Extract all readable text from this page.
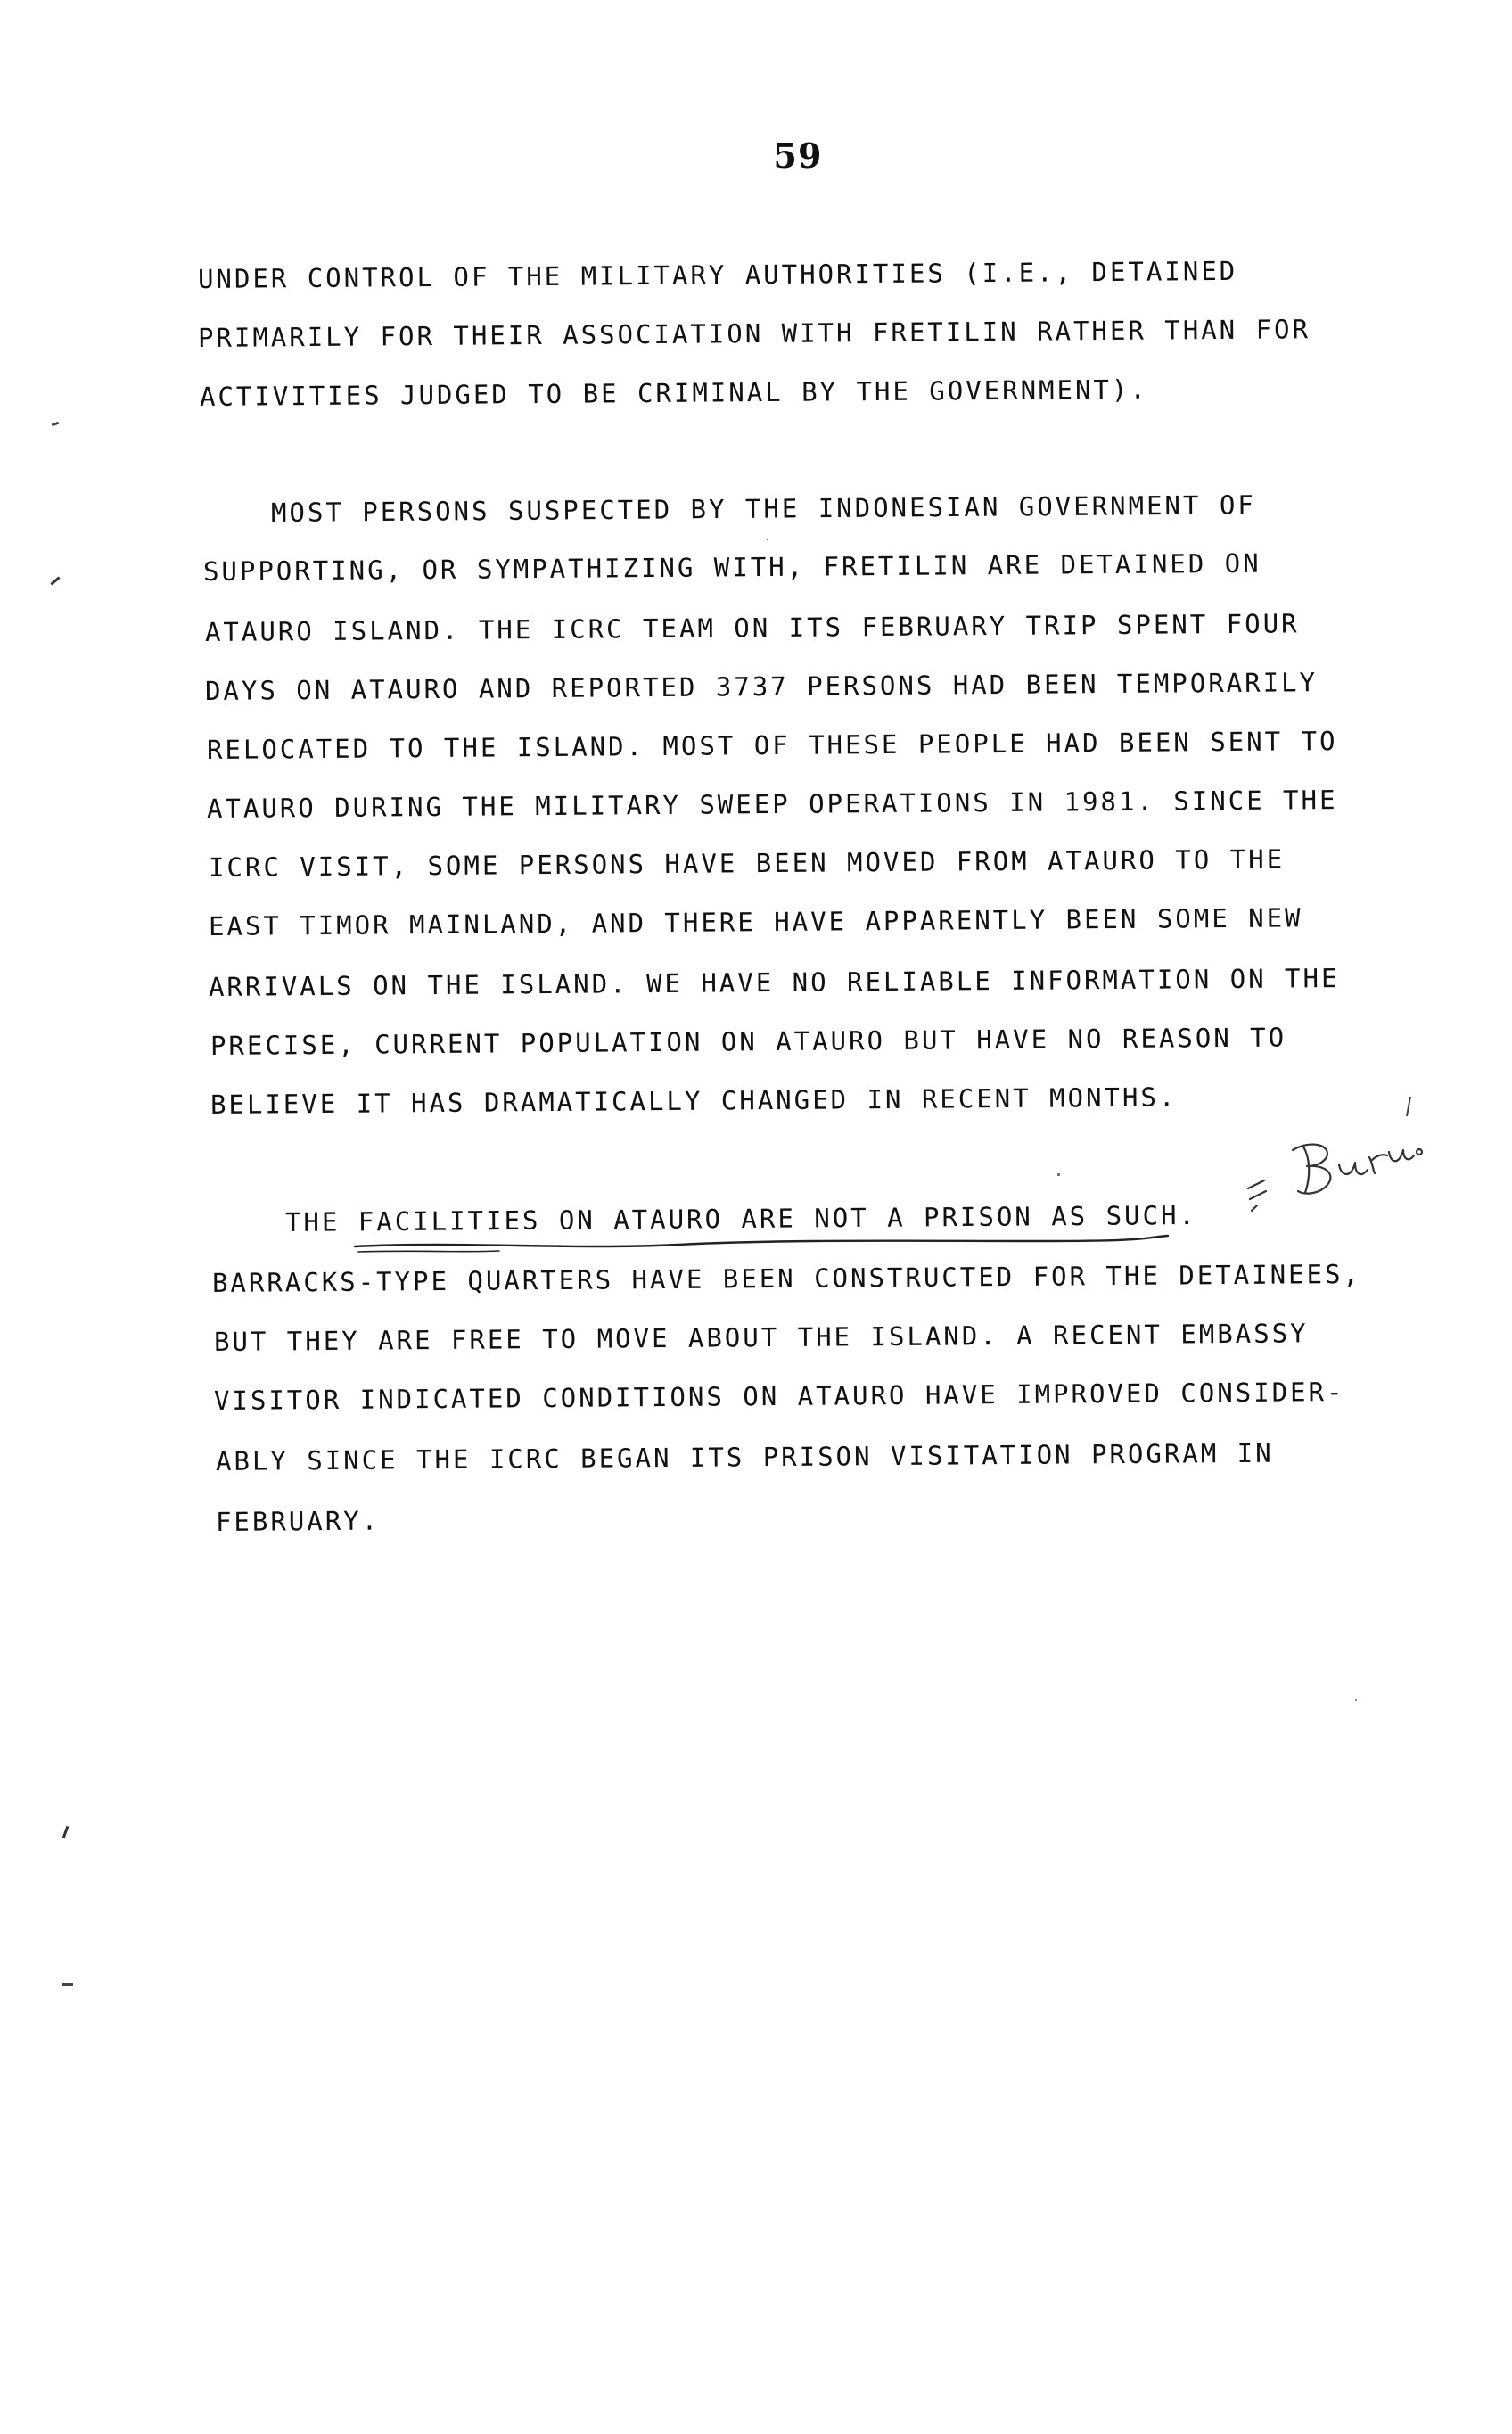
59
UNDER CONTROL OF THE MILITARY AUTHORITIES (I.E., DETAINED
PRIMARILY FOR THEIR ASSOCIATION WITH FRETILIN RATHER THAN FOR
ACTIVITIES JUDGED TO BE CRIMINAL BY THE GOVERNMENT).
MOST PERSONS SUSPECTED BY THE INDONESIAN GOVERNMENT OF
SUPPORTING, OR SYMPATHIZING WITH, FRETILIN ARE DETAINED ON
ATAURO ISLAND. THE ICRC TEAM ON ITS FEBRUARY TRIP SPENT FOUR
DAYS ON ATAURO AND REPORTED 3737 PERSONS HAD BEEN TEMPORARILY
RELOCATED TO THE ISLAND. MOST OF THESE PEOPLE HAD BEEN SENT TO
ATAURO DURING THE MILITARY SWEEP OPERATIONS IN 1981. SINCE THE
ICRC VISIT, SOME PERSONS HAVE BEEN MOVED FROM ATAURO TO THE
EAST TIMOR MAINLAND, AND THERE HAVE APPARENTLY BEEN SOME NEW
ARRIVALS ON THE ISLAND. WE HAVE NO RELIABLE INFORMATION ON THE
PRECISE, CURRENT POPULATION ON ATAURO BUT HAVE NO REASON TO
BELIEVE IT HAS DRAMATICALLY CHANGED IN RECENT MONTHS.
THE FACILITIES ON ATAURO ARE NOT A PRISON AS SUCH.
BARRACKS-TYPE QUARTERS HAVE BEEN CONSTRUCTED FOR THE DETAINEES,
BUT THEY ARE FREE TO MOVE ABOUT THE ISLAND. A RECENT EMBASSY
VISITOR INDICATED CONDITIONS ON ATAURO HAVE IMPROVED CONSIDER-
ABLY SINCE THE ICRC BEGAN ITS PRISON VISITATION PROGRAM IN
FEBRUARY.
